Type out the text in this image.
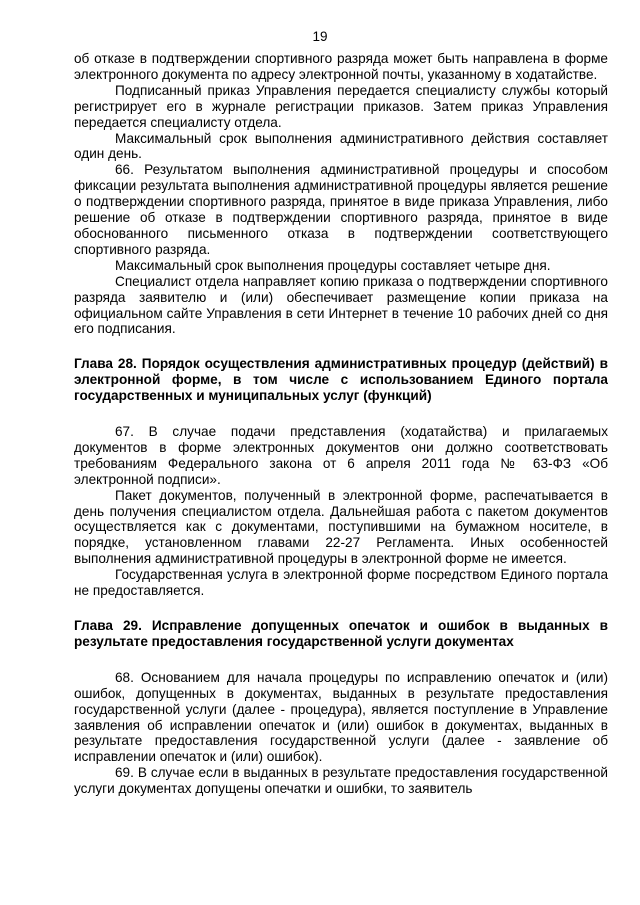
19

об отказе в подтверждении спортивного разряда может быть направлена в форме электронного документа по адресу электронной почты, указанному в ходатайстве.

Подписанный приказ Управления передается специалисту службы который регистрирует его в журнале регистрации приказов. Затем приказ Управления передается специалисту отдела.

Максимальный срок выполнения административного действия составляет один день.

66. Результатом выполнения административной процедуры и способом фиксации результата выполнения административной процедуры является решение о подтверждении спортивного разряда, принятое в виде приказа Управления, либо решение об отказе в подтверждении спортивного разряда, принятое в виде обоснованного письменного отказа в подтверждении соответствующего спортивного разряда.

Максимальный срок выполнения процедуры составляет четыре дня.

Специалист отдела направляет копию приказа о подтверждении спортивного разряда заявителю и (или) обеспечивает размещение копии приказа на официальном сайте Управления в сети Интернет в течение 10 рабочих дней со дня его подписания.

Глава 28. Порядок осуществления административных процедур (действий) в электронной форме, в том числе с использованием Единого портала государственных и муниципальных услуг (функций)

67. В случае подачи представления (ходатайства) и прилагаемых документов в форме электронных документов они должно соответствовать требованиям Федерального закона от 6 апреля 2011 года № 63-ФЗ «Об электронной подписи».

Пакет документов, полученный в электронной форме, распечатывается в день получения специалистом отдела. Дальнейшая работа с пакетом документов осуществляется как с документами, поступившими на бумажном носителе, в порядке, установленном главами 22-27 Регламента. Иных особенностей выполнения административной процедуры в электронной форме не имеется.

Государственная услуга в электронной форме посредством Единого портала не предоставляется.

Глава 29. Исправление допущенных опечаток и ошибок в выданных в результате предоставления государственной услуги документах

68. Основанием для начала процедуры по исправлению опечаток и (или) ошибок, допущенных в документах, выданных в результате предоставления государственной услуги (далее - процедура), является поступление в Управление заявления об исправлении опечаток и (или) ошибок в документах, выданных в результате предоставления государственной услуги (далее - заявление об исправлении опечаток и (или) ошибок).

69. В случае если в выданных в результате предоставления государственной услуги документах допущены опечатки и ошибки, то заявитель
